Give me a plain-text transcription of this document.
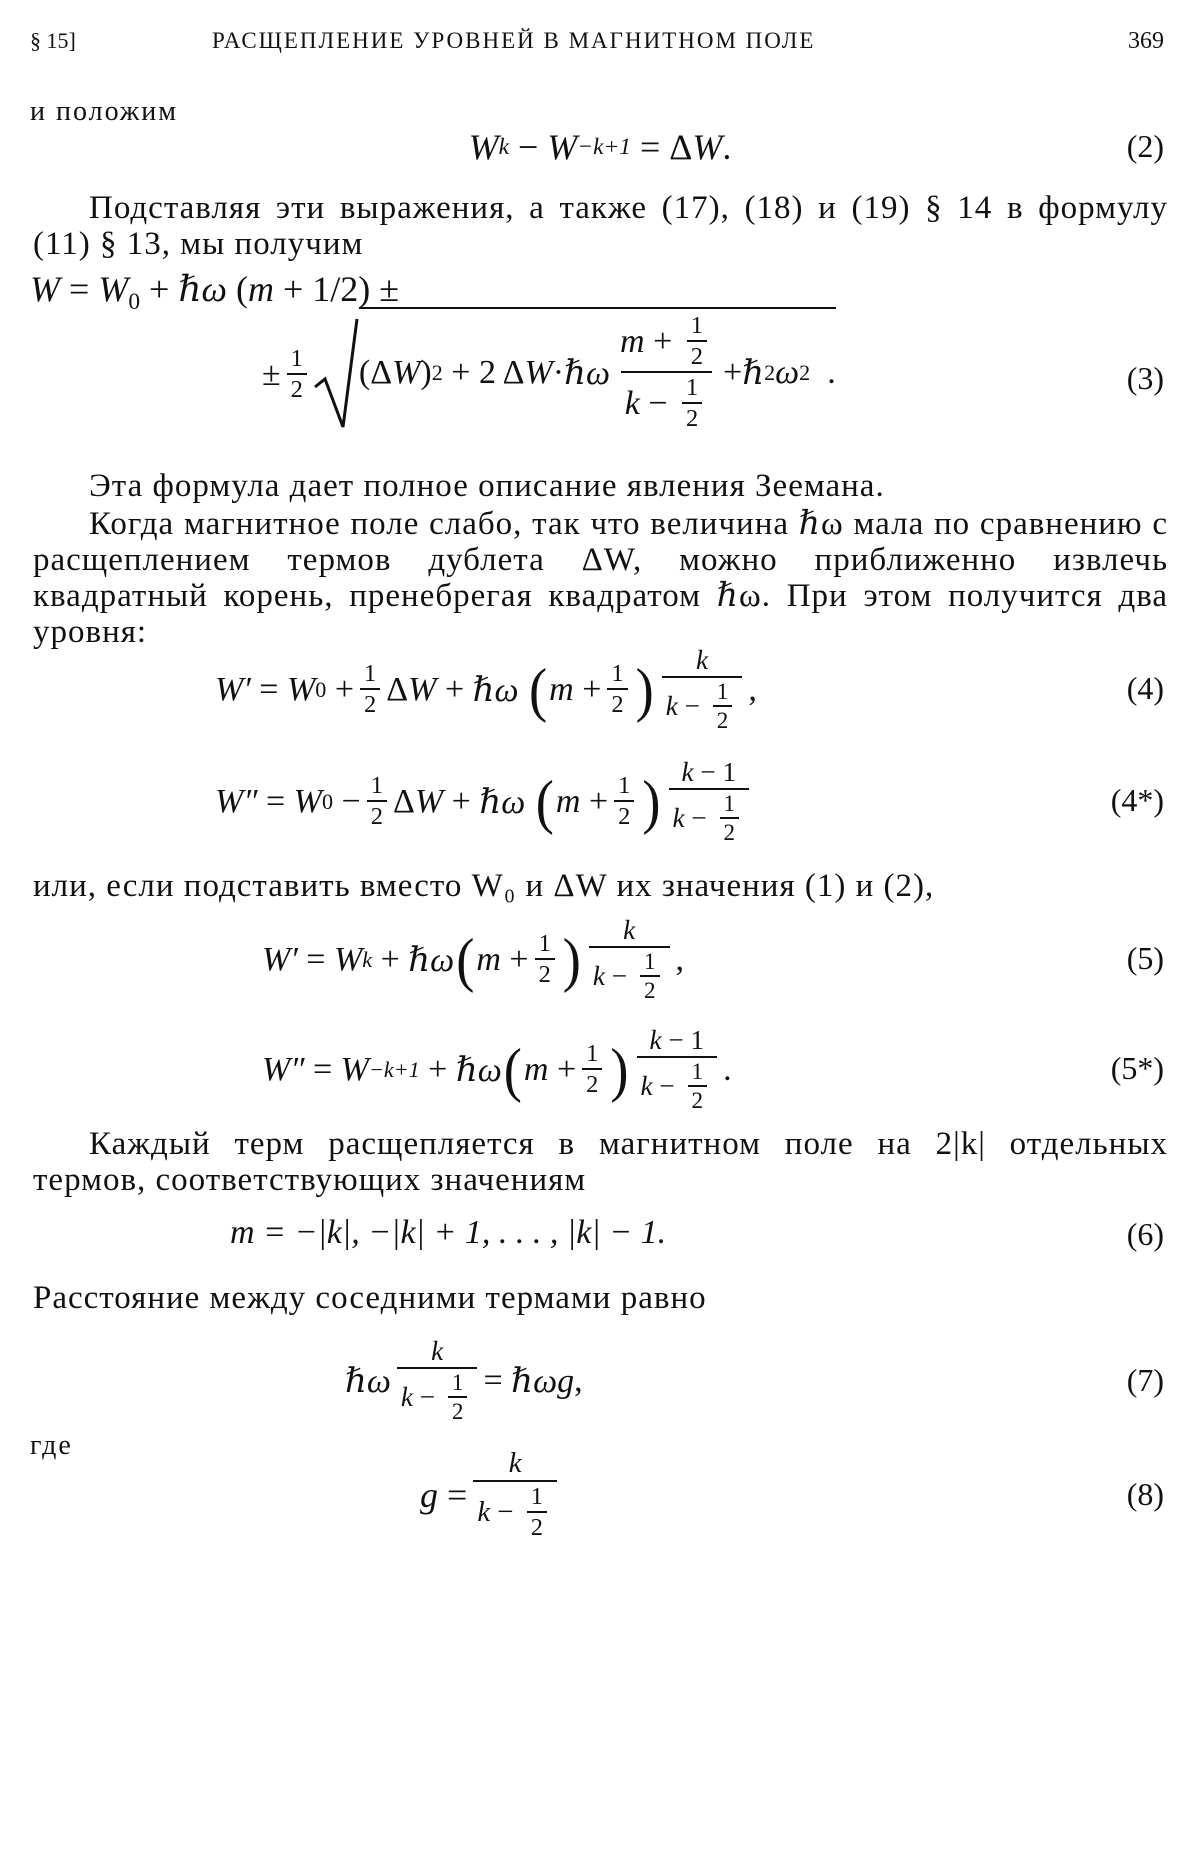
§ 15]	РАСЩЕПЛЕНИЕ УРОВНЕЙ В МАГНИТНОМ ПОЛЕ	369
и положим
W k − W −k+1 = Δ W .	(2)
Подставляя эти выражения, а также (17), (18) и (19) § 14 в формулу (11) § 13, мы получим
$W = W_0$ + ℏω (m + 1/2) ±
± $\frac{1}{2} (\Delta$ W ) 2 + 2 Δ W · ℏω $\frac{m + \frac{1}{2}}{k - \frac{1}{2}}$ + ℏ 2 ω 2 .	(3)
Эта формула дает полное описание явления Зеемана.
Когда магнитное поле слабо, так что величина ℏω мала по сравнению с расщеплением термов дублета ΔW, можно приближенно извлечь квадратный корень, пренебрегая квадратом ℏω. При этом получится два уровня:
W′ = W $0 + \frac{1}{2}$ Δ W + ℏω
( $m + \frac{1}{2}$ ) $\frac{k}{k - \frac{1}{2}}$ ,	(4)
W″ = W $0 - \frac{1}{2}$ Δ W + ℏω
( $m + \frac{1}{2}$ ) $\frac{k - 1}{k - \frac{1}{2}}$	(4*)
или, если подставить вместо W₀ и ΔW их значения (1) и (2),
W′ = W k + ℏω ( $m + \frac{1}{2}$ ) $\frac{k}{k - \frac{1}{2}}$ ,	(5)
W″ = W −k+1 + ℏω ( $m + \frac{1}{2}$ ) $\frac{k - 1}{k - \frac{1}{2}}$ .	(5*)
Каждый терм расщепляется в магнитном поле на 2|k| отдельных термов, соответствующих значениям
m = −|k|, −|k| + 1, . . . , |k| − 1.	(6)
Расстояние между соседними термами равно
ℏω $\frac{k}{k - \frac{1}{2}}$ = ℏωg ,	(7)
где
$g = \frac{k}{k - \frac{1}{2}}$	(8)
